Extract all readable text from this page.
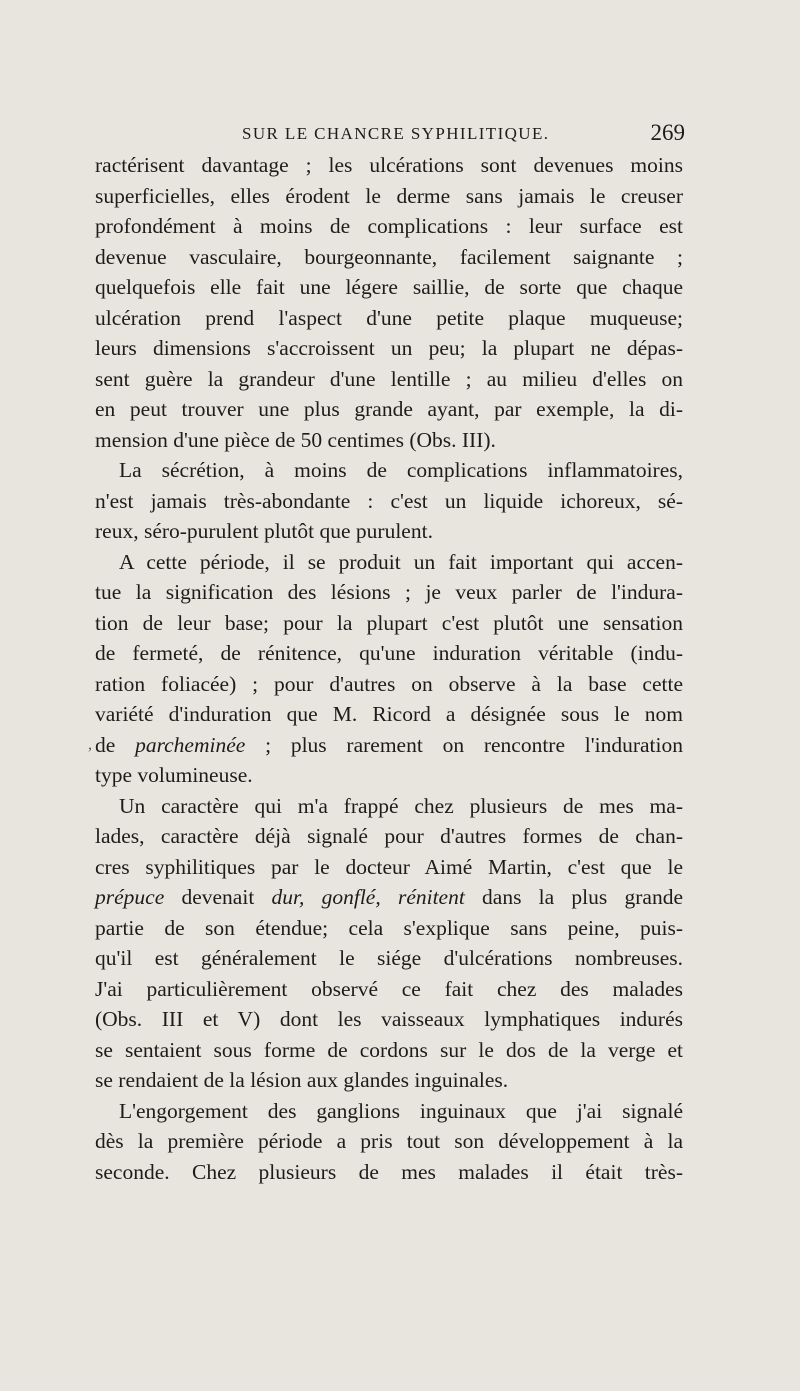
SUR LE CHANCRE SYPHILITIQUE.	269
,
ractérisent davantage ; les ulcérations sont devenues moins
superficielles, elles érodent le derme sans jamais le creuser
profondément à moins de complications : leur surface est
devenue vasculaire, bourgeonnante, facilement saignante ;
quelquefois elle fait une légere saillie, de sorte que chaque
ulcération prend l'aspect d'une petite plaque muqueuse;
leurs dimensions s'accroissent un peu; la plupart ne dépas-
sent guère la grandeur d'une lentille ; au milieu d'elles on
en peut trouver une plus grande ayant, par exemple, la di-
mension d'une pièce de 50 centimes (Obs. III).
La sécrétion, à moins de complications inflammatoires,
n'est jamais très-abondante : c'est un liquide ichoreux, sé-
reux, séro-purulent plutôt que purulent.
A cette période, il se produit un fait important qui accen-
tue la signification des lésions ; je veux parler de l'indura-
tion de leur base; pour la plupart c'est plutôt une sensation
de fermeté, de rénitence, qu'une induration véritable (indu-
ration foliacée) ; pour d'autres on observe à la base cette
variété d'induration que M. Ricord a désignée sous le nom
de parcheminée ; plus rarement on rencontre l'induration
type volumineuse.
Un caractère qui m'a frappé chez plusieurs de mes ma-
lades, caractère déjà signalé pour d'autres formes de chan-
cres syphilitiques par le docteur Aimé Martin, c'est que le
prépuce devenait dur, gonflé, rénitent dans la plus grande
partie de son étendue; cela s'explique sans peine, puis-
qu'il est généralement le siége d'ulcérations nombreuses.
J'ai particulièrement observé ce fait chez des malades
(Obs. III et V) dont les vaisseaux lymphatiques indurés
se sentaient sous forme de cordons sur le dos de la verge et
se rendaient de la lésion aux glandes inguinales.
L'engorgement des ganglions inguinaux que j'ai signalé
dès la première période a pris tout son développement à la
seconde. Chez plusieurs de mes malades il était très-
